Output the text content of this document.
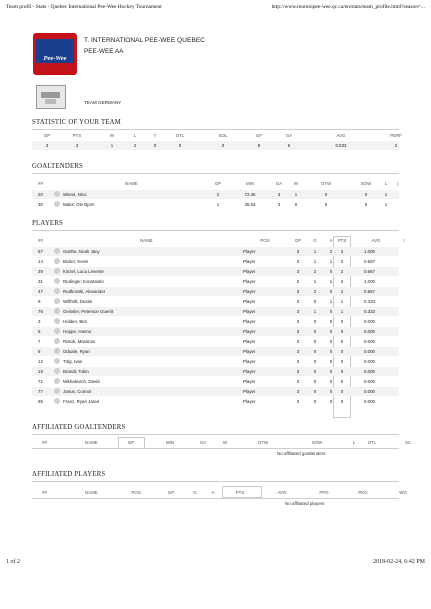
Team profil - Stats - Quebec International Pee-Wee Hockey Tournament	http://www.tournoipee-wee.qc.ca/en/stats/team_profile.html?season=...
Pee-Wee
T. INTERNATIONAL PEE-WEE QUEBEC
PEE-WEE AA
TEAM GERMANY
STATISTIC OF YOUR TEAM
GP	PTS	W	L	T	OTL	SOL	GF	GA	AVG	PERF
3	3	1	2	0	0	0	8	6	0.833	2
GOALTENDERS
##	NAME	GP	MIN	GA	W	OTW	SOW	L (
20	Wiens, Nico	2	72.45	3	1	0	0	1
30	Malor, Ole Bjorn	1	36.53	3	0	0	0	1
PLAYERS
##	NAME	POS	GP	G	A PTS	AVG	I
97	Garthe, Noah Jacy	Player	3	1	2 3	1.000
14	Bicker, Kevin	Player	3	1	1 2	0.667
29	Kinzel, Luca Levente	Player	3	2	0 2	0.667
31	Redinger, Konstantin	Player	2	1	1 2	1.000
47	Rudkovski, Alexander	Player	3	2	0 2	0.667
9	Willhöft, Dustin	Player	3	0	1 1	0.333
76	Geissler, Peterson Guerrit	Player	3	1	0 1	0.333
3	Holden, Ben	Player	3	0	0 0	0.000
6	Hoppe, Hanno	Player	3	0	0 0	0.000
7	Ristok, Maximus	Player	3	0	0 0	0.000
8	Oduale, Ryan	Player	3	0	0 0	0.000
12	Tölg, Ivan	Player	3	0	0 0	0.000
19	Brandt, Tobin	Player	3	0	0 0	0.000
71	Mikhalevich, David	Player	3	0	0 0	0.000
77	Janus, Connor	Player	3	0	0 0	0.000
95	Franz, Ryan Jared	Player	3	0	0 0	0.000
AFFILIATED GOALTENDERS
##	NAME	GP	MIN	GA	W	OTW	SOW	L	OTL	SC
No affiliated goaltenders
AFFILIATED PLAYERS
##	NAME	POS	GP	G	A	PTS	AVG	PPG	PKG	WG
No affiliated players
1 of 2	2018-02-24, 6:42 PM
